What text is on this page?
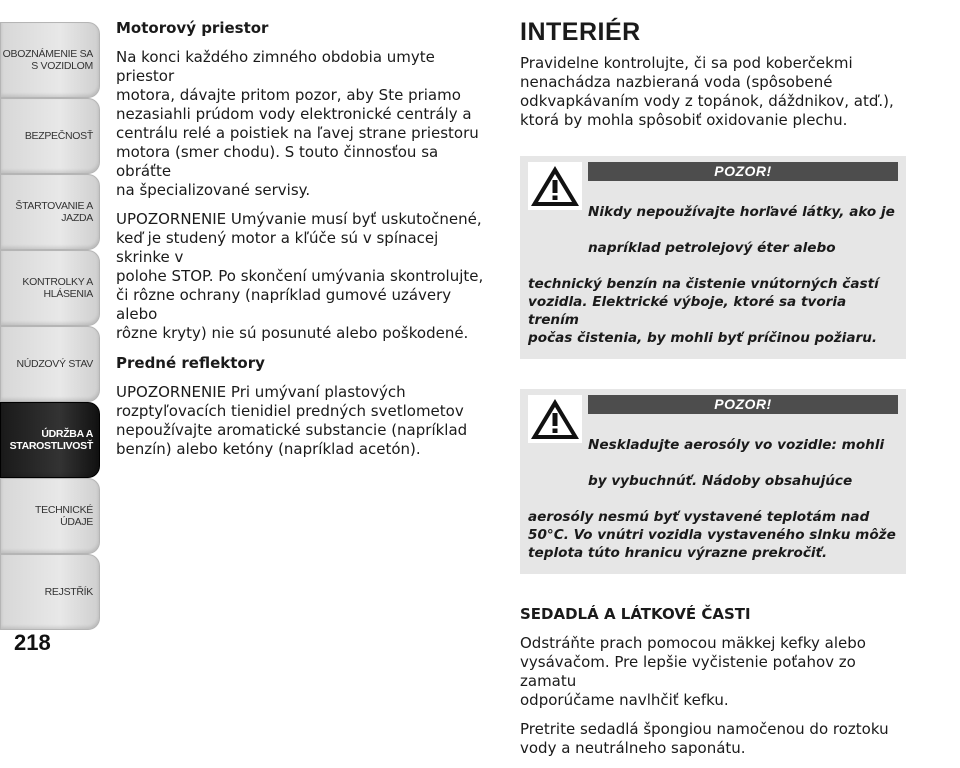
OBOZNÁMENIE SA
S VOZIDLOM
BEZPEČNOSŤ
ŠTARTOVANIE A
JAZDA
KONTROLKY A
HLÁSENIA
NÚDZOVÝ STAV
ÚDRŽBA A
STAROSTLIVOSŤ
TECHNICKÉ ÚDAJE
REJSTŘÍK
218
Motorový priestor

Na konci každého zimného obdobia umyte priestor
motora, dávajte pritom pozor, aby Ste priamo
nezasiahli prúdom vody elektronické centrály a
centrálu relé a poistiek na ľavej strane priestoru
motora (smer chodu). S touto činnosťou sa obráťte
na špecializované servisy.

UPOZORNENIE Umývanie musí byť uskutočnené,
keď je studený motor a kľúče sú v spínacej skrinke v
polohe STOP. Po skončení umývania skontrolujte,
či rôzne ochrany (napríklad gumové uzávery alebo
rôzne kryty) nie sú posunuté alebo poškodené.

Predné reflektory

UPOZORNENIE Pri umývaní plastových
rozptyľovacích tienidiel predných svetlometov
nepoužívajte aromatické substancie (napríklad
benzín) alebo ketóny (napríklad acetón).

INTERIÉR

Pravidelne kontrolujte, či sa pod koberčekmi
nenachádza nazbieraná voda (spôsobené
odkvapkávaním vody z topánok, dáždnikov, atď.),
ktorá by mohla spôsobiť oxidovanie plechu.

POZOR!

Nikdy nepoužívajte horľavé látky, ako je

napríklad petrolejový éter alebo

technický benzín na čistenie vnútorných častí
vozidla. Elektrické výboje, ktoré sa tvoria trením
počas čistenia, by mohli byť príčinou požiaru.

POZOR!

Neskladujte aerosóly vo vozidle: mohli

by vybuchnúť. Nádoby obsahujúce

aerosóly nesmú byť vystavené teplotám nad
50°C. Vo vnútri vozidla vystaveného slnku môže
teplota túto hranicu výrazne prekročiť.

SEDADLÁ A LÁTKOVÉ ČASTI

Odstráňte prach pomocou mäkkej kefky alebo
vysávačom. Pre lepšie vyčistenie poťahov zo zamatu
odporúčame navlhčiť kefku.

Pretrite sedadlá špongiou namočenou do roztoku
vody a neutrálneho saponátu.
